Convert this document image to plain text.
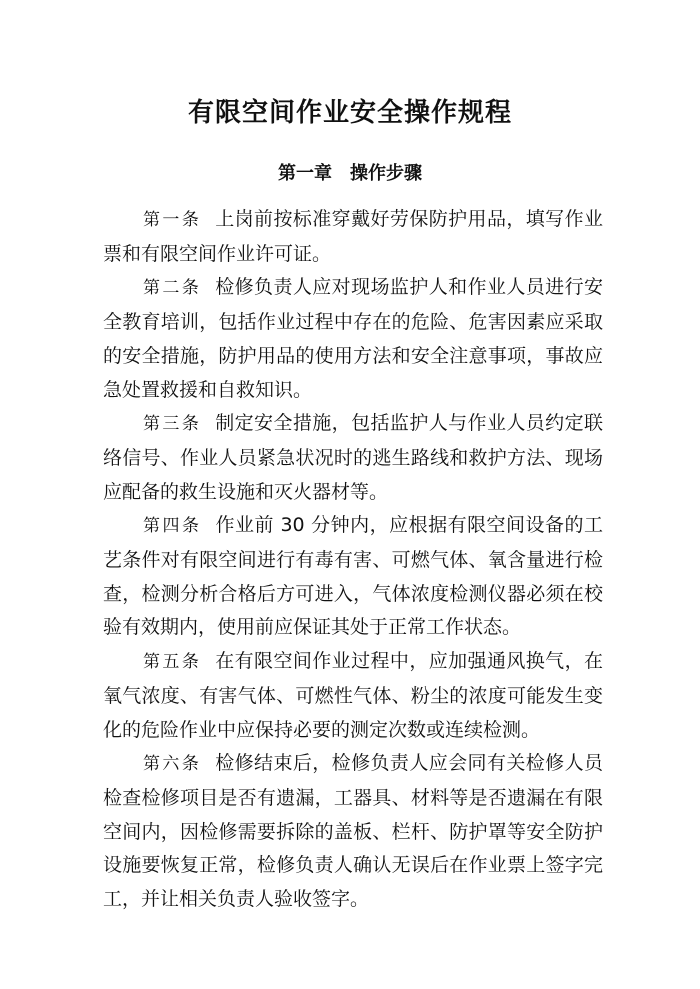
有限空间作业安全操作规程
第一章　操作步骤

第一条 上岗前按标准穿戴好劳保防护用品，填写作业票和有限空间作业许可证。

第二条 检修负责人应对现场监护人和作业人员进行安全教育培训，包括作业过程中存在的危险、危害因素应采取的安全措施，防护用品的使用方法和安全注意事项，事故应急处置救援和自救知识。

第三条 制定安全措施，包括监护人与作业人员约定联络信号、作业人员紧急状况时的逃生路线和救护方法、现场应配备的救生设施和灭火器材等。

第四条 作业前 30 分钟内，应根据有限空间设备的工艺条件对有限空间进行有毒有害、可燃气体、氧含量进行检查，检测分析合格后方可进入，气体浓度检测仪器必须在校验有效期内，使用前应保证其处于正常工作状态。

第五条 在有限空间作业过程中，应加强通风换气，在氧气浓度、有害气体、可燃性气体、粉尘的浓度可能发生变化的危险作业中应保持必要的测定次数或连续检测。

第六条 检修结束后，检修负责人应会同有关检修人员检查检修项目是否有遗漏，工器具、材料等是否遗漏在有限空间内，因检修需要拆除的盖板、栏杆、防护罩等安全防护设施要恢复正常，检修负责人确认无误后在作业票上签字完工，并让相关负责人验收签字。
